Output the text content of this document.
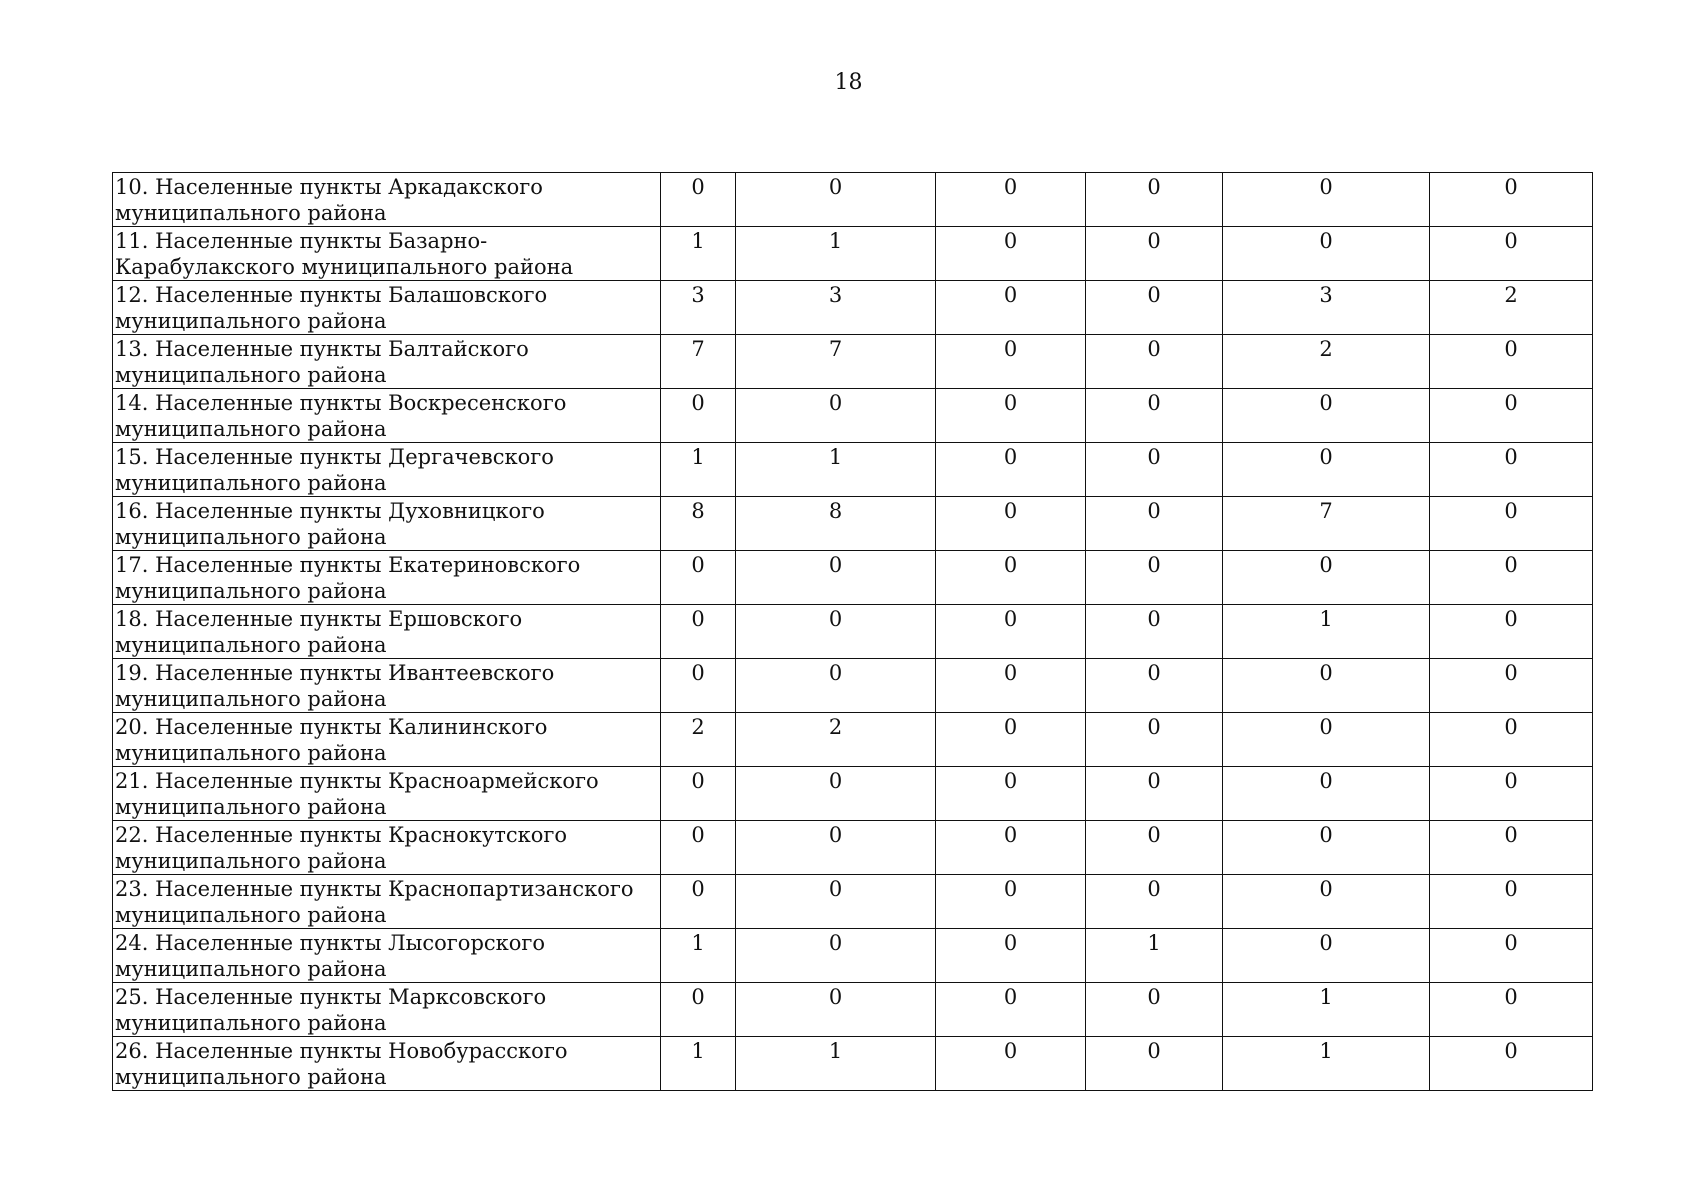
18
10. Населенные пункты Аркадакского муниципального района	0	0	0	0	0	0
11. Населенные пункты Базарно-Карабулакского муниципального района	1	1	0	0	0	0
12. Населенные пункты Балашовского муниципального района	3	3	0	0	3	2
13. Населенные пункты Балтайского муниципального района	7	7	0	0	2	0
14. Населенные пункты Воскресенского муниципального района	0	0	0	0	0	0
15. Населенные пункты Дергачевского муниципального района	1	1	0	0	0	0
16. Населенные пункты Духовницкого муниципального района	8	8	0	0	7	0
17. Населенные пункты Екатериновского муниципального района	0	0	0	0	0	0
18. Населенные пункты Ершовского муниципального района	0	0	0	0	1	0
19. Населенные пункты Ивантеевского муниципального района	0	0	0	0	0	0
20. Населенные пункты Калининского муниципального района	2	2	0	0	0	0
21. Населенные пункты Красноармейского муниципального района	0	0	0	0	0	0
22. Населенные пункты Краснокутского муниципального района	0	0	0	0	0	0
23. Населенные пункты Краснопартизанского муниципального района	0	0	0	0	0	0
24. Населенные пункты Лысогорского муниципального района	1	0	0	1	0	0
25. Населенные пункты Марксовского муниципального района	0	0	0	0	1	0
26. Населенные пункты Новобурасского муниципального района	1	1	0	0	1	0
